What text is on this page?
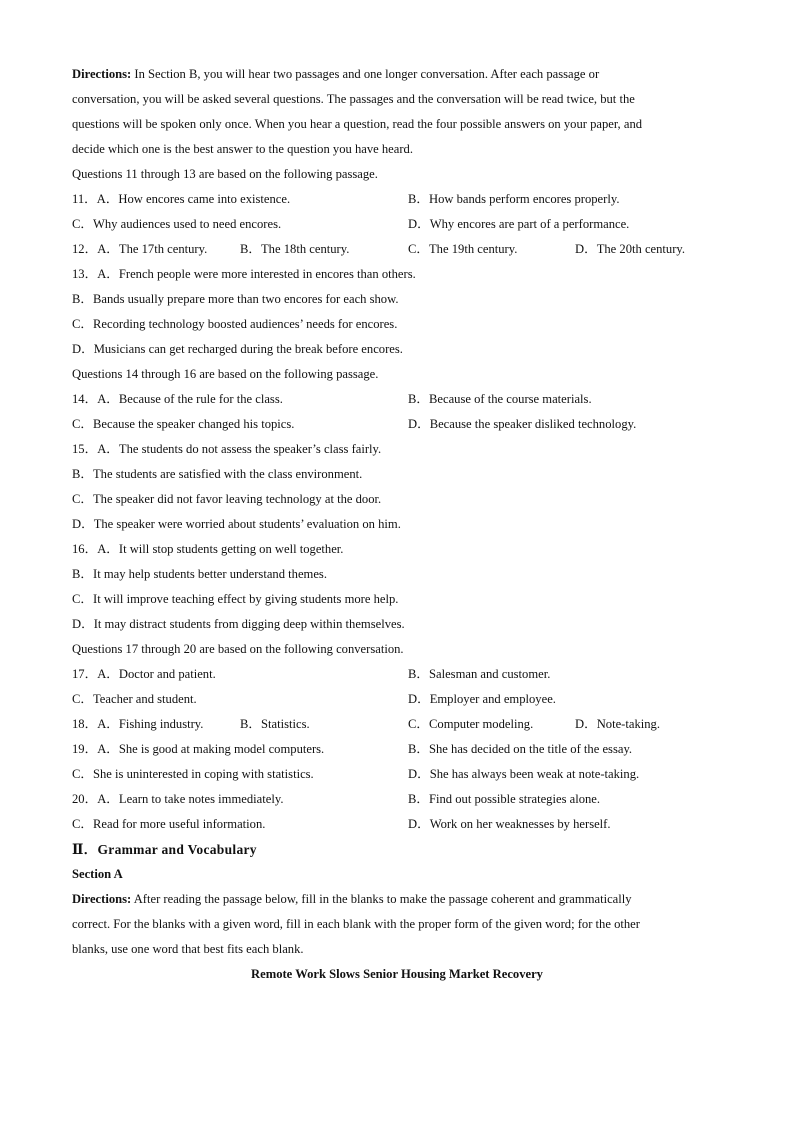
Directions: In Section B, you will hear two passages and one longer conversation. After each passage or
conversation, you will be asked several questions. The passages and the conversation will be read twice, but the
questions will be spoken only once. When you hear a question, read the four possible answers on your paper, and
decide which one is the best answer to the question you have heard.

Questions 11 through 13 are based on the following passage.
11．A．How encores came into existence.	B．How bands perform encores properly.
C．Why audiences used to need encores.	D．Why encores are part of a performance.
12．A．The 17th century.	B．The 18th century.	C．The 19th century.	D．The 20th century.
13．A．French people were more interested in encores than others.
B．Bands usually prepare more than two encores for each show.
C．Recording technology boosted audiences’ needs for encores.
D．Musicians can get recharged during the break before encores.
Questions 14 through 16 are based on the following passage.
14．A．Because of the rule for the class.	B．Because of the course materials.
C．Because the speaker changed his topics.	D．Because the speaker disliked technology.
15．A．The students do not assess the speaker’s class fairly.
B．The students are satisfied with the class environment.
C．The speaker did not favor leaving technology at the door.
D．The speaker were worried about students’ evaluation on him.
16．A．It will stop students getting on well together.
B．It may help students better understand themes.
C．It will improve teaching effect by giving students more help.
D．It may distract students from digging deep within themselves.
Questions 17 through 20 are based on the following conversation.
17．A．Doctor and patient.	B．Salesman and customer.
C．Teacher and student.	D．Employer and employee.
18．A．Fishing industry.	B．Statistics.	C．Computer modeling.	D．Note-taking.
19．A．She is good at making model computers.	B．She has decided on the title of the essay.
C．She is uninterested in coping with statistics.	D．She has always been weak at note-taking.
20．A．Learn to take notes immediately.	B．Find out possible strategies alone.
C．Read for more useful information.	D．Work on her weaknesses by herself.
Ⅱ．Grammar and Vocabulary
Section A

Directions: After reading the passage below, fill in the blanks to make the passage coherent and grammatically
correct. For the blanks with a given word, fill in each blank with the proper form of the given word; for the other
blanks, use one word that best fits each blank.

Remote Work Slows Senior Housing Market Recovery
